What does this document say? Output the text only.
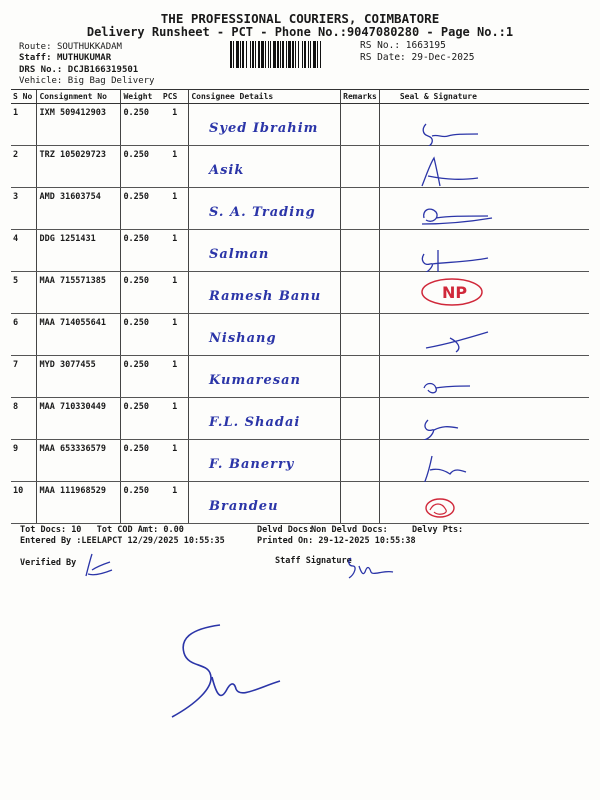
THE PROFESSIONAL COURIERS, COIMBATORE
Delivery Runsheet - PCT - Phone No.:9047080280 - Page No.:1
Route: SOUTHUKKADAM
Staff: MUTHUKUMAR
DRS No.: DCJB166319501
Vehicle: Big Bag Delivery
RS No.: 1663195
RS Date: 29-Dec-2025
S No	Consignment No	Weight	PCS	Consignee Details	Remarks	Seal & Signature
1	IXM 509412903	0.250	1	Syed Ibrahim

2	TRZ 105029723	0.250	1	Asik

3	AMD 31603754	0.250	1	S. A. Trading

4	DDG 1251431	0.250	1	Salman

5	MAA 715571385	0.250	1	Ramesh Banu		NP

6	MAA 714055641	0.250	1	Nishang

7	MYD 3077455	0.250	1	Kumaresan

8	MAA 710330449	0.250	1	F.L. Shadai

9	MAA 653336579	0.250	1	F. Banerry

10	MAA 111968529	0.250	1	Brandeu

Tot Docs: 10 Tot COD Amt: 0.00	Delvd Docs:
Non Delvd Docs:	Delvy Pts:
Entered By :LEELAPCT 12/29/2025 10:55:35	Printed On: 29-12-2025 10:55:38
Verified By	Staff Signature
